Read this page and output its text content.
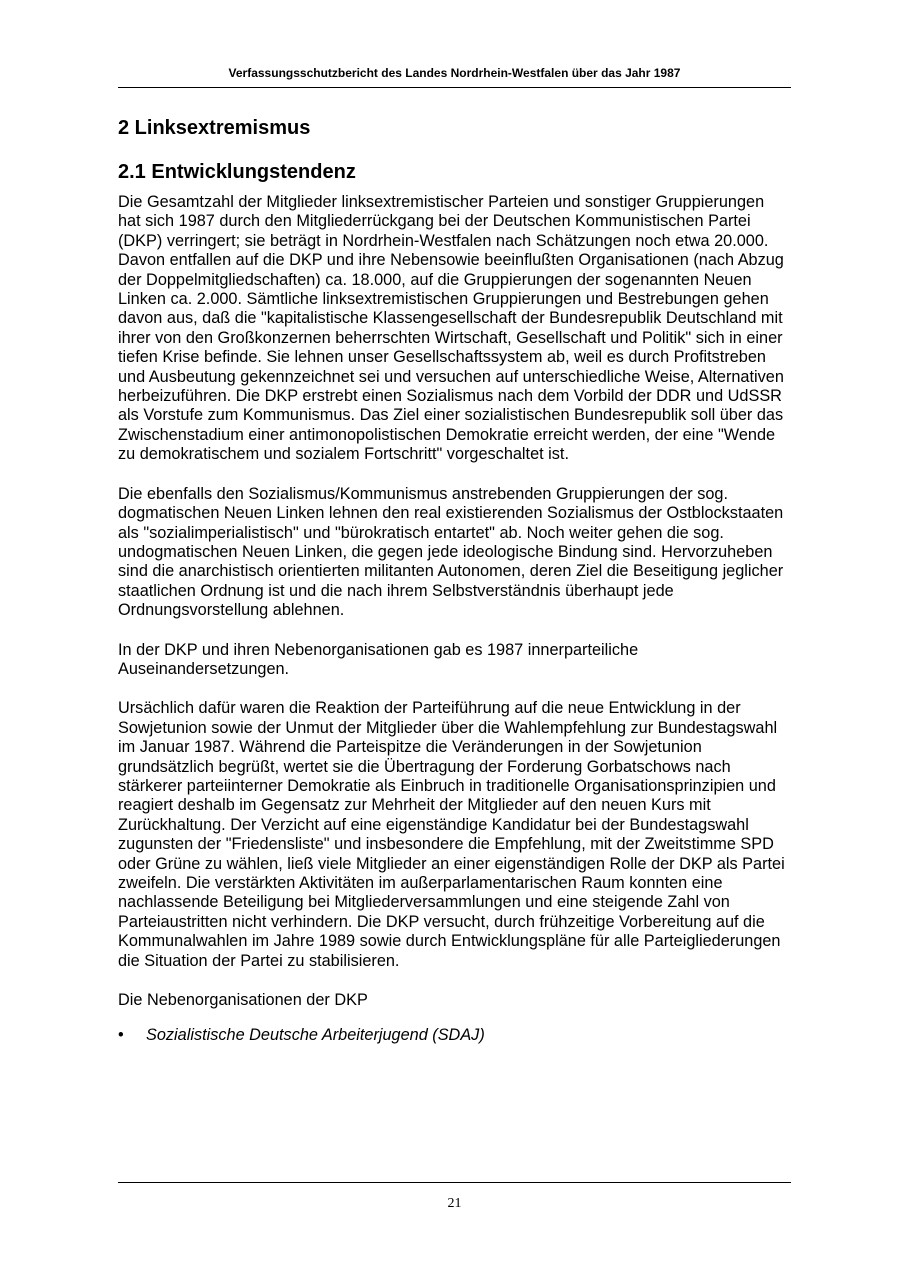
Verfassungsschutzbericht des Landes Nordrhein-Westfalen über das Jahr 1987
2 Linksextremismus
2.1 Entwicklungstendenz

Die Gesamtzahl der Mitglieder linksextremistischer Parteien und sonstiger Gruppierungen hat sich 1987 durch den Mitgliederrückgang bei der Deutschen Kommunistischen Partei (DKP) verringert; sie beträgt in Nordrhein-Westfalen nach Schätzungen noch etwa 20.000. Davon entfallen auf die DKP und ihre Nebensowie beeinflußten Organisationen (nach Abzug der Doppelmitgliedschaften) ca. 18.000, auf die Gruppierungen der sogenannten Neuen Linken ca. 2.000. Sämtliche linksextremistischen Gruppierungen und Bestrebungen gehen davon aus, daß die "kapitalistische Klassengesellschaft der Bundesrepublik Deutschland mit ihrer von den Großkonzernen beherrschten Wirtschaft, Gesellschaft und Politik" sich in einer tiefen Krise befinde. Sie lehnen unser Gesellschaftssystem ab, weil es durch Profitstreben und Ausbeutung gekennzeichnet sei und versuchen auf unterschiedliche Weise, Alternativen herbeizuführen. Die DKP erstrebt einen Sozialismus nach dem Vorbild der DDR und UdSSR als Vorstufe zum Kommunismus. Das Ziel einer sozialistischen Bundesrepublik soll über das Zwischenstadium einer antimonopolistischen Demokratie erreicht werden, der eine "Wende zu demokratischem und sozialem Fortschritt" vorgeschaltet ist.

Die ebenfalls den Sozialismus/Kommunismus anstrebenden Gruppierungen der sog. dogmatischen Neuen Linken lehnen den real existierenden Sozialismus der Ostblockstaaten als "sozialimperialistisch" und "bürokratisch entartet" ab. Noch weiter gehen die sog. undogmatischen Neuen Linken, die gegen jede ideologische Bindung sind. Hervorzuheben sind die anarchistisch orientierten militanten Autonomen, deren Ziel die Beseitigung jeglicher staatlichen Ordnung ist und die nach ihrem Selbstverständnis überhaupt jede Ordnungsvorstellung ablehnen.

In der DKP und ihren Nebenorganisationen gab es 1987 innerparteiliche Auseinandersetzungen.

Ursächlich dafür waren die Reaktion der Parteiführung auf die neue Entwicklung in der Sowjetunion sowie der Unmut der Mitglieder über die Wahlempfehlung zur Bundestagswahl im Januar 1987. Während die Parteispitze die Veränderungen in der Sowjetunion grundsätzlich begrüßt, wertet sie die Übertragung der Forderung Gorbatschows nach stärkerer parteiinterner Demokratie als Einbruch in traditionelle Organisationsprinzipien und reagiert deshalb im Gegensatz zur Mehrheit der Mitglieder auf den neuen Kurs mit Zurückhaltung. Der Verzicht auf eine eigenständige Kandidatur bei der Bundestagswahl zugunsten der "Friedensliste" und insbesondere die Empfehlung, mit der Zweitstimme SPD oder Grüne zu wählen, ließ viele Mitglieder an einer eigenständigen Rolle der DKP als Partei zweifeln. Die verstärkten Aktivitäten im außerparlamentarischen Raum konnten eine nachlassende Beteiligung bei Mitgliederversammlungen und eine steigende Zahl von Parteiaustritten nicht verhindern. Die DKP versucht, durch frühzeitige Vorbereitung auf die Kommunalwahlen im Jahre 1989 sowie durch Entwicklungspläne für alle Parteigliederungen die Situation der Partei zu stabilisieren.

Die Nebenorganisationen der DKP

•	Sozialistische Deutsche Arbeiterjugend (SDAJ)
21
